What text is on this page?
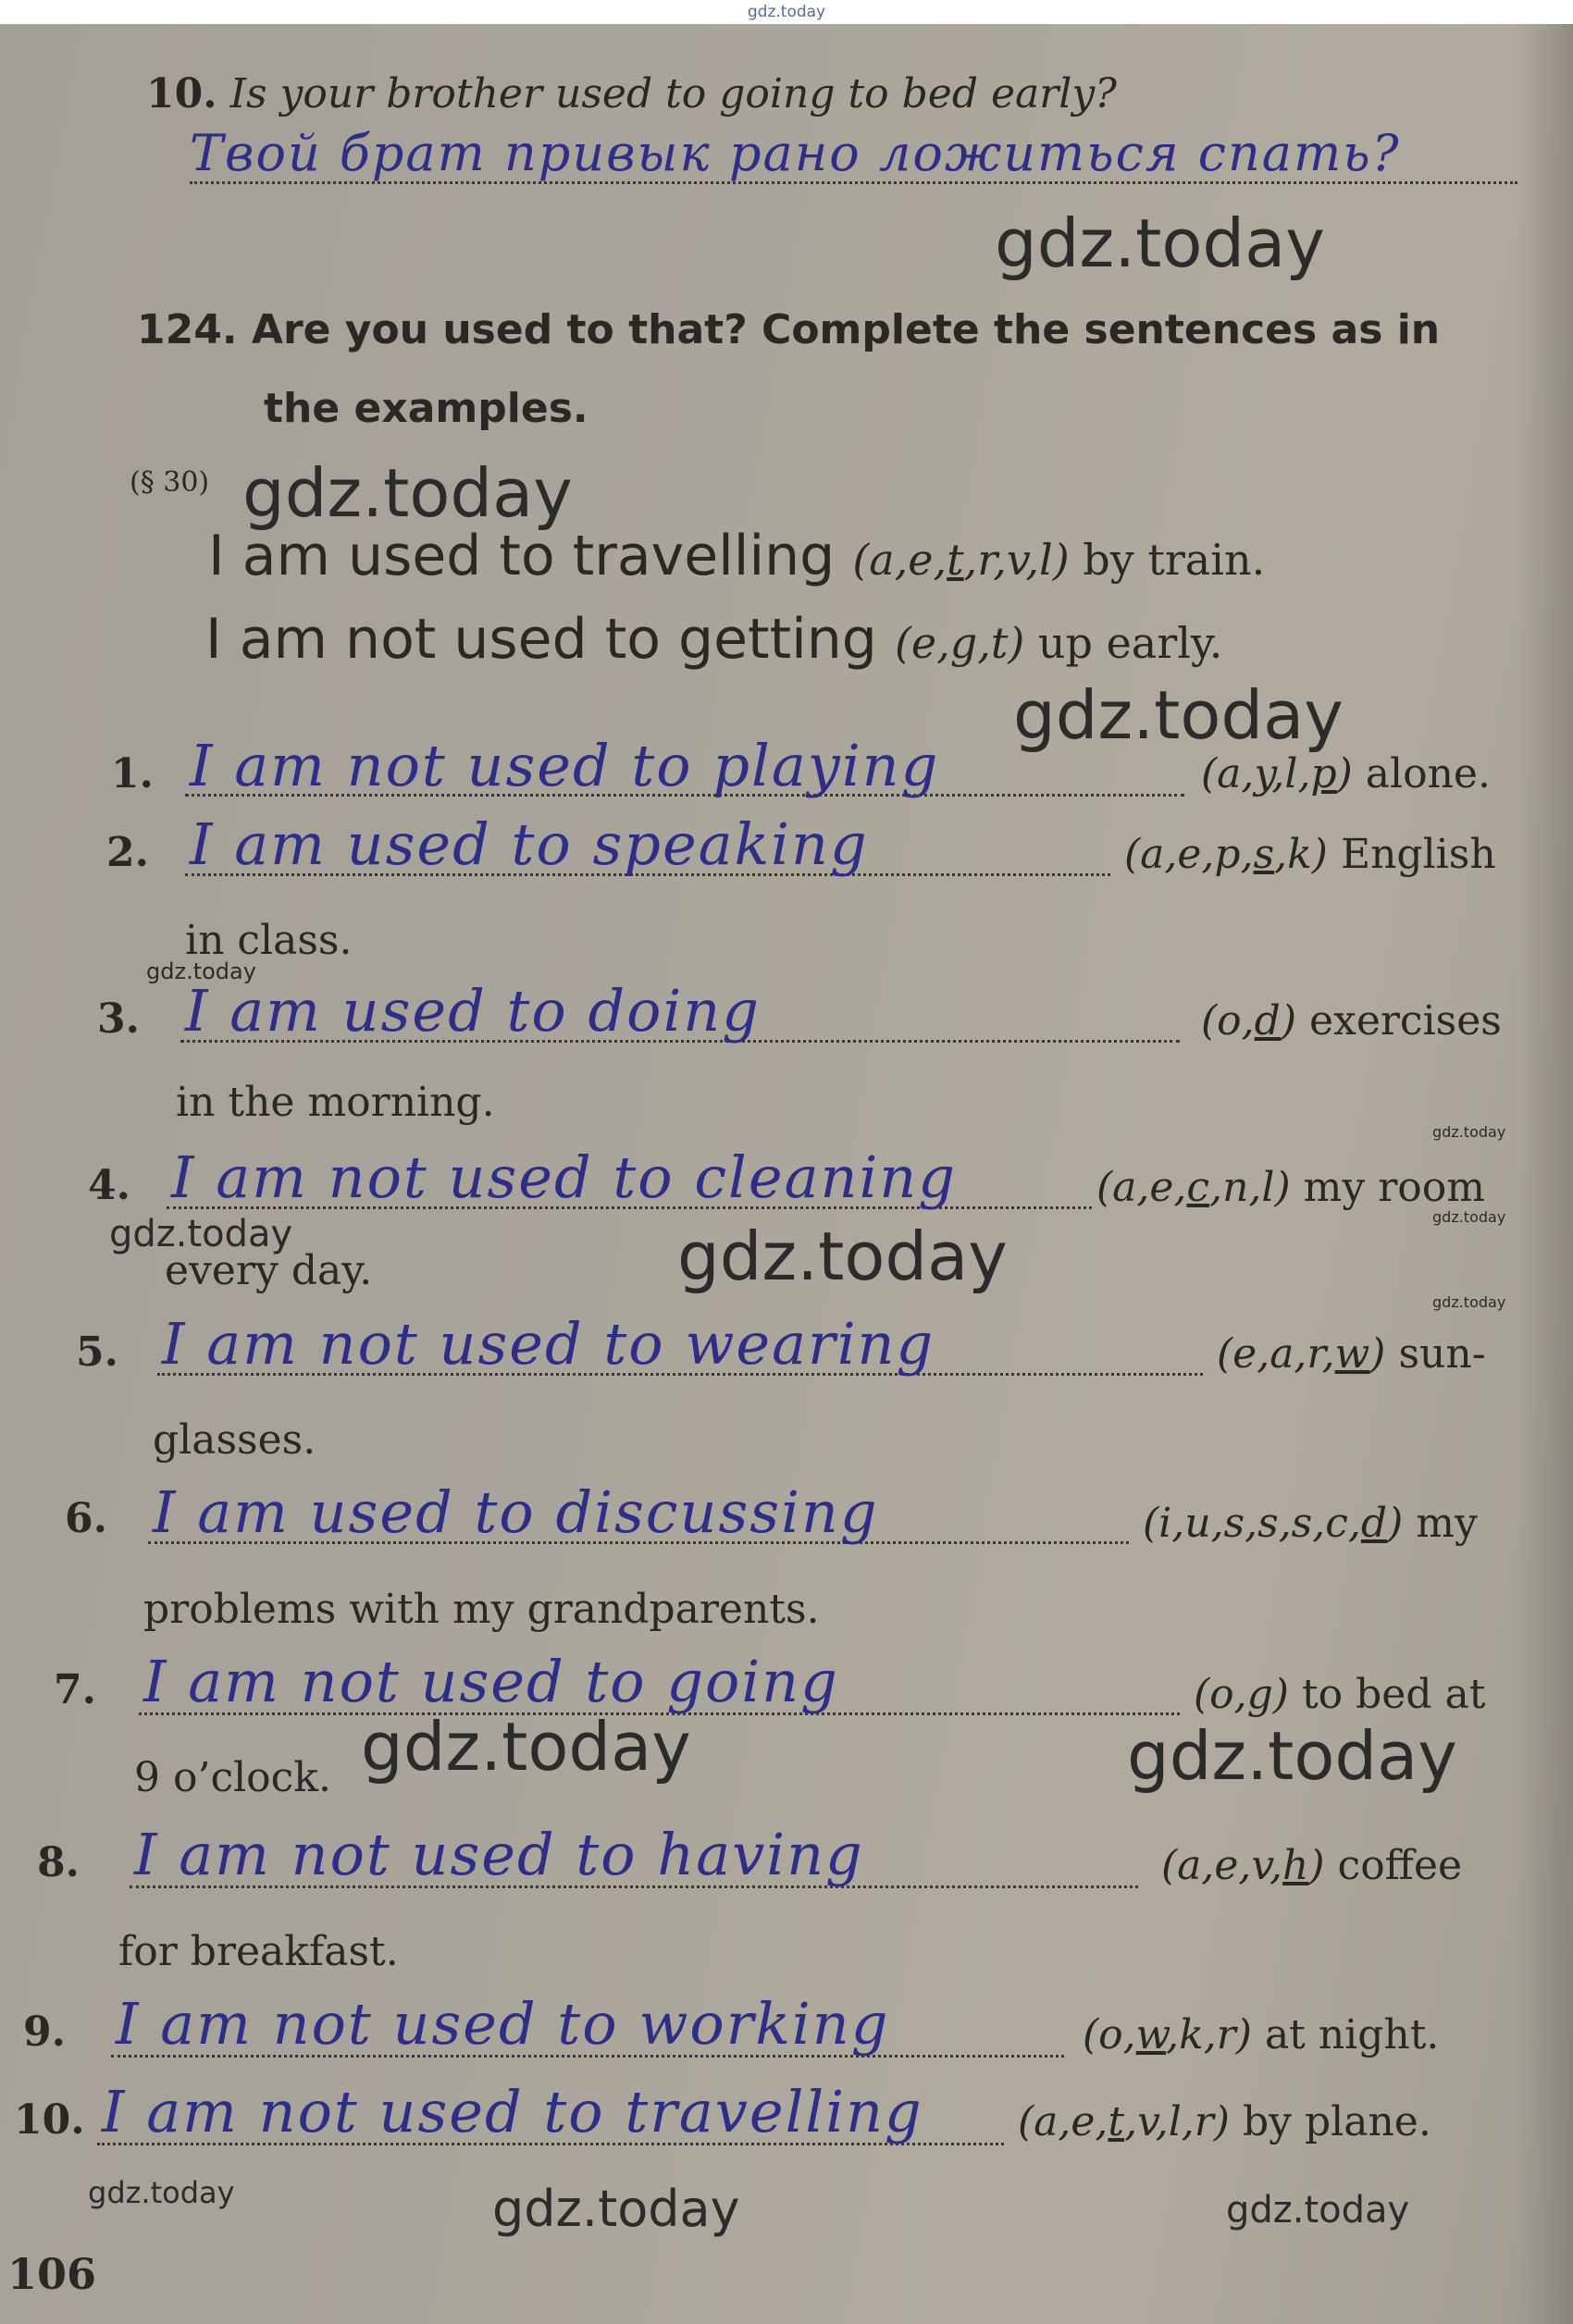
gdz.today
10. Is your brother used to going to bed early?
Твой брат привык рано ложиться спать?
gdz.today
124. Are you used to that? Complete the sentences as in
the examples.
(§ 30) gdz.today
I am used to travelling (a,e,t,r,v,l) by train.
I am not used to getting (e,g,t) up early.
gdz.today
1. I am not used to playing	(a,y,l,p) alone.
2. I am used to speaking	(a,e,p,s,k) English
in class.
gdz.today
3. I am used to doing	(o,d) exercises
in the morning.
gdz.today
4. I am not used to cleaning	(a,e,c,n,l) my room
gdz.today
gdz.today
every day.	gdz.today
gdz.today
5. I am not used to wearing	(e,a,r,w) sun-
glasses.
6. I am used to discussing	(i,u,s,s,s,c,d) my
problems with my grandparents.
7. I am not used to going	(o,g) to bed at
9 o’clock. gdz.today	gdz.today
8. I am not used to having	(a,e,v,h) coffee
for breakfast.
9. I am not used to working	(o,w,k,r) at night.
10. I am not used to travelling (a,e,t,v,l,r) by plane.
gdz.today	gdz.today	gdz.today
106
